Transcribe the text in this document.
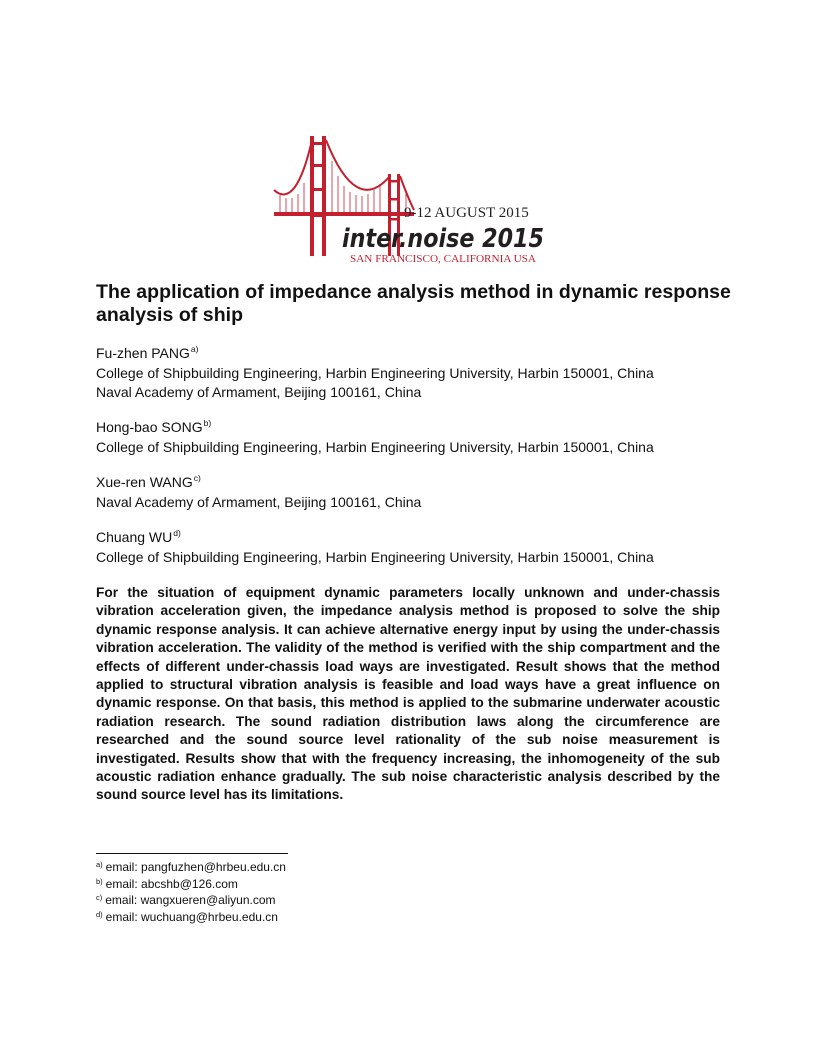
9-12 AUGUST 2015
inter.noise 2015
SAN FRANCISCO, CALIFORNIA USA
The application of impedance analysis method in dynamic response analysis of ship
Fu-zhen PANG$^{a)}$
College of Shipbuilding Engineering, Harbin Engineering University, Harbin 150001, China
Naval Academy of Armament, Beijing 100161, China
Hong-bao SONG$^{b)}$
College of Shipbuilding Engineering, Harbin Engineering University, Harbin 150001, China
Xue-ren WANG$^{c)}$
Naval Academy of Armament, Beijing 100161, China
Chuang WU$^{d)}$
College of Shipbuilding Engineering, Harbin Engineering University, Harbin 150001, China
For the situation of equipment dynamic parameters locally unknown and under-chassis vibration acceleration given, the impedance analysis method is proposed to solve the ship dynamic response analysis. It can achieve alternative energy input by using the under-chassis vibration acceleration. The validity of the method is verified with the ship compartment and the effects of different under-chassis load ways are investigated. Result shows that the method applied to structural vibration analysis is feasible and load ways have a great influence on dynamic response. On that basis, this method is applied to the submarine underwater acoustic radiation research. The sound radiation distribution laws along the circumference are researched and the sound source level rationality of the sub noise measurement is investigated. Results show that with the frequency increasing, the inhomogeneity of the sub acoustic radiation enhance gradually. The sub noise characteristic analysis described by the sound source level has its limitations.
$^{a)}$ email: pangfuzhen@hrbeu.edu.cn
$^{b)}$ email: abcshb@126.com
$^{c)}$ email: wangxueren@aliyun.com
$^{d)}$ email: wuchuang@hrbeu.edu.cn
